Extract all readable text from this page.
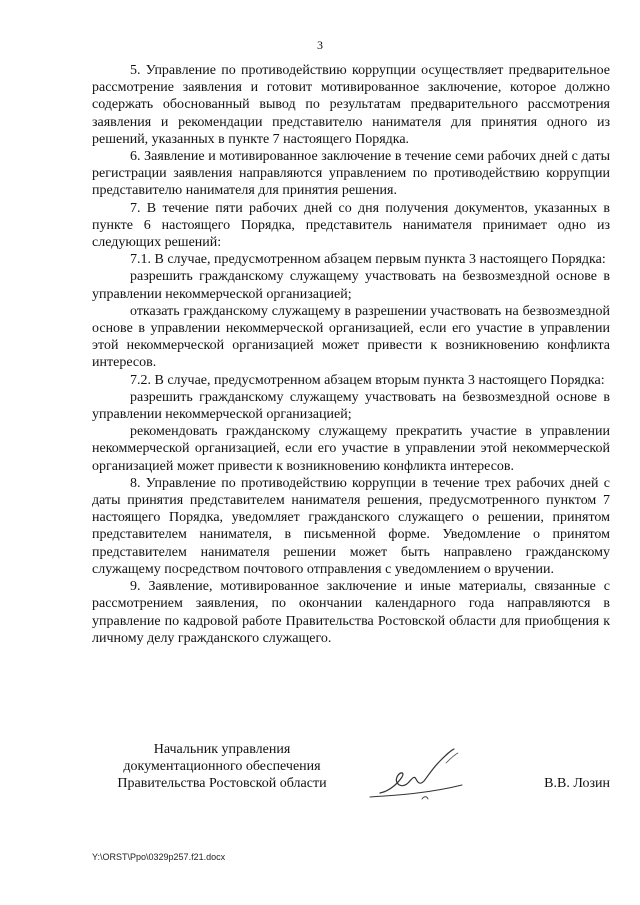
3

5. Управление по противодействию коррупции осуществляет предварительное рассмотрение заявления и готовит мотивированное заключение, которое должно содержать обоснованный вывод по результатам предварительного рассмотрения заявления и рекомендации представителю нанимателя для принятия одного из решений, указанных в пункте 7 настоящего Порядка.

6. Заявление и мотивированное заключение в течение семи рабочих дней с даты регистрации заявления направляются управлением по противодействию коррупции представителю нанимателя для принятия решения.

7. В течение пяти рабочих дней со дня получения документов, указанных в пункте 6 настоящего Порядка, представитель нанимателя принимает одно из следующих решений:

7.1. В случае, предусмотренном абзацем первым пункта 3 настоящего Порядка:

разрешить гражданскому служащему участвовать на безвозмездной основе в управлении некоммерческой организацией;

отказать гражданскому служащему в разрешении участвовать на безвозмездной основе в управлении некоммерческой организацией, если его участие в управлении этой некоммерческой организацией может привести к возникновению конфликта интересов.

7.2. В случае, предусмотренном абзацем вторым пункта 3 настоящего Порядка:

разрешить гражданскому служащему участвовать на безвозмездной основе в управлении некоммерческой организацией;

рекомендовать гражданскому служащему прекратить участие в управлении некоммерческой организацией, если его участие в управлении этой некоммерческой организацией может привести к возникновению конфликта интересов.

8. Управление по противодействию коррупции в течение трех рабочих дней с даты принятия представителем нанимателя решения, предусмотренного пунктом 7 настоящего Порядка, уведомляет гражданского служащего о решении, принятом представителем нанимателя, в письменной форме. Уведомление о принятом представителем нанимателя решении может быть направлено гражданскому служащему посредством почтового отправления с уведомлением о вручении.

9. Заявление, мотивированное заключение и иные материалы, связанные с рассмотрением заявления, по окончании календарного года направляются в управление по кадровой работе Правительства Ростовской области для приобщения к личному делу гражданского служащего.

Начальник управления
документационного обеспечения
Правительства Ростовской области	В.В. Лозин
Y:\ORST\Ppo\0329p257.f21.docx
